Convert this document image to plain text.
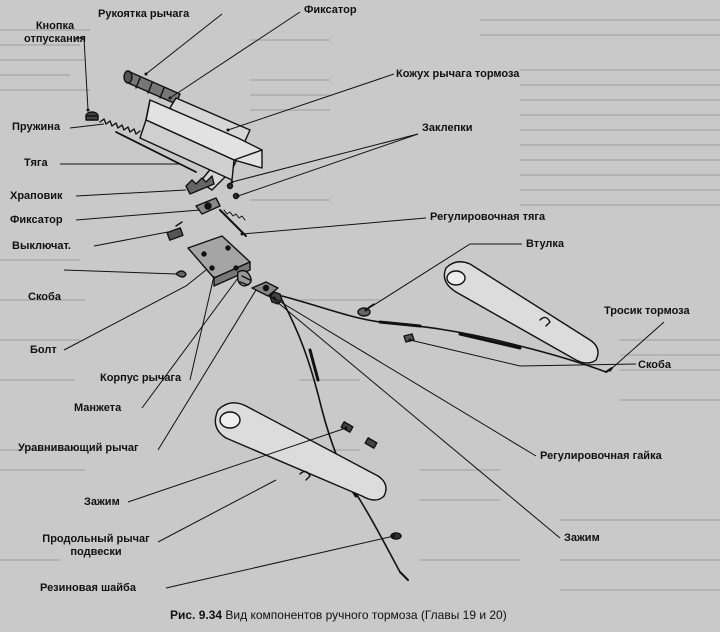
Рукоятка рычага
Кнопка
отпускания
Фиксатор
Кожух рычага тормоза
Пружина	Заклепки
Тяга
Храповик
Фиксатор	Регулировочная тяга
Выключат.	Втулка
Скоба
Тросик тормоза
Болт
Корпус рычага
Скоба
Манжета
Уравнивающий рычаг
Регулировочная гайка
Зажим
Зажим
Продольный рычаг
подвески
Резиновая шайба
Рис. 9.34 Вид компонентов ручного тормоза (Главы 19 и 20)
